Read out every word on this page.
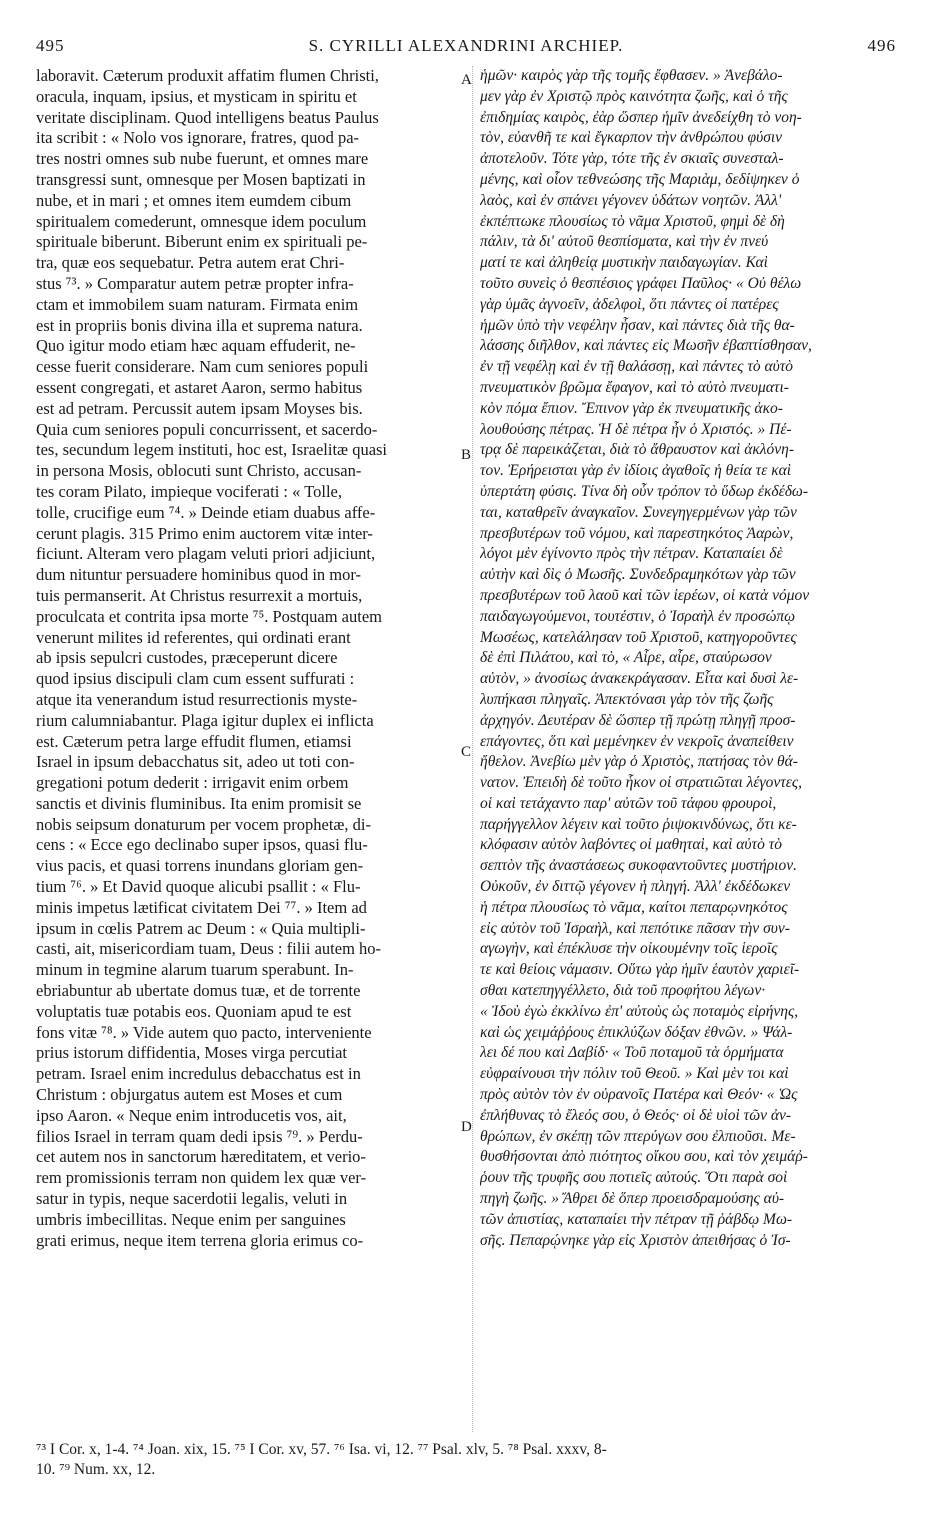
495	S. CYRILLI ALEXANDRINI ARCHIEP.	496
laboravit. Cæterum produxit affatim flumen Christi,
oracula, inquam, ipsius, et mysticam in spiritu et
veritate disciplinam. Quod intelligens beatus Paulus
ita scribit : « Nolo vos ignorare, fratres, quod pa-
tres nostri omnes sub nube fuerunt, et omnes mare
transgressi sunt, omnesque per Mosen baptizati in
nube, et in mari ; et omnes item eumdem cibum
spiritualem comederunt, omnesque idem poculum
spirituale biberunt. Biberunt enim ex spirituali pe-
tra, quæ eos sequebatur. Petra autem erat Chri-
stus ⁷³. » Comparatur autem petræ propter infra-
ctam et immobilem suam naturam. Firmata enim
est in propriis bonis divina illa et suprema natura.
Quo igitur modo etiam hæc aquam effuderit, ne-
cesse fuerit considerare. Nam cum seniores populi
essent congregati, et astaret Aaron, sermo habitus
est ad petram. Percussit autem ipsam Moyses bis.
Quia cum seniores populi concurrissent, et sacerdo-
tes, secundum legem instituti, hoc est, Israelitæ quasi
in persona Mosis, oblocuti sunt Christo, accusan-
tes coram Pilato, impieque vociferati : « Tolle,
tolle, crucifige eum ⁷⁴. » Deinde etiam duabus affe-
cerunt plagis. 315 Primo enim auctorem vitæ inter-
ficiunt. Alteram vero plagam veluti priori adjiciunt,
dum nituntur persuadere hominibus quod in mor-
tuis permanserit. At Christus resurrexit a mortuis,
proculcata et contrita ipsa morte ⁷⁵. Postquam autem
venerunt milites id referentes, qui ordinati erant
ab ipsis sepulcri custodes, præceperunt dicere
quod ipsius discipuli clam cum essent suffurati :
atque ita venerandum istud resurrectionis myste-
rium calumniabantur. Plaga igitur duplex ei inflicta
est. Cæterum petra large effudit flumen, etiamsi
Israel in ipsum debacchatus sit, adeo ut toti con-
gregationi potum dederit : irrigavit enim orbem
sanctis et divinis fluminibus. Ita enim promisit se
nobis seipsum donaturum per vocem prophetæ, di-
cens : « Ecce ego declinabo super ipsos, quasi flu-
vius pacis, et quasi torrens inundans gloriam gen-
tium ⁷⁶. » Et David quoque alicubi psallit : « Flu-
minis impetus lætificat civitatem Dei ⁷⁷. » Item ad
ipsum in cœlis Patrem ac Deum : « Quia multipli-
casti, ait, misericordiam tuam, Deus : filii autem ho-
minum in tegmine alarum tuarum sperabunt. In-
ebriabuntur ab ubertate domus tuæ, et de torrente
voluptatis tuæ potabis eos. Quoniam apud te est
fons vitæ ⁷⁸. » Vide autem quo pacto, interveniente
prius istorum diffidentia, Moses virga percutiat
petram. Israel enim incredulus debacchatus est in
Christum : objurgatus autem est Moses et cum
ipso Aaron. « Neque enim introducetis vos, ait,
filios Israel in terram quam dedi ipsis ⁷⁹. » Perdu-
cet autem nos in sanctorum hæreditatem, et verio-
rem promissionis terram non quidem lex quæ ver-
satur in typis, neque sacerdotii legalis, veluti in
umbris imbecillitas. Neque enim per sanguines
grati erimus, neque item terrena gloria erimus co-
ἡμῶν· καιρὸς γὰρ τῆς τομῆς ἔφθασεν. » Ἀνεβάλο-
μεν γὰρ ἐν Χριστῷ πρὸς καινότητα ζωῆς, καὶ ὁ τῆς
ἐπιδημίας καιρὸς, ἐὰρ ὥσπερ ἡμῖν ἀνεδείχθη τὸ νοη-
τὸν, εὐανθῆ τε καὶ ἔγκαρπον τὴν ἀνθρώπου φύσιν
ἀποτελοῦν. Τότε γὰρ, τότε τῆς ἐν σκιαῖς συνεσταλ-
μένης, καὶ οἷον τεθνεώσης τῆς Μαριὰμ, δεδίψηκεν ὁ
λαὸς, καὶ ἐν σπάνει γέγονεν ὑδάτων νοητῶν. Ἀλλ'
ἐκπέπτωκε πλουσίως τὸ νᾶμα Χριστοῦ, φημὶ δὲ δὴ
πάλιν, τὰ δι' αὐτοῦ θεσπίσματα, καὶ τὴν ἐν πνεύ
ματί τε καὶ ἀληθείᾳ μυστικὴν παιδαγωγίαν. Καὶ
τοῦτο συνεὶς ὁ θεσπέσιος γράφει Παῦλος· « Οὐ θέλω
γὰρ ὑμᾶς ἀγνοεῖν, ἀδελφοὶ, ὅτι πάντες οἱ πατέρες
ἡμῶν ὑπὸ τὴν νεφέλην ἦσαν, καὶ πάντες διὰ τῆς θα-
λάσσης διῆλθον, καὶ πάντες εἰς Μωσῆν ἐβαπτίσθησαν,
ἐν τῇ νεφέλῃ καὶ ἐν τῇ θαλάσσῃ, καὶ πάντες τὸ αὐτὸ
πνευματικὸν βρῶμα ἔφαγον, καὶ τὸ αὐτὸ πνευματι-
κὸν πόμα ἔπιον. Ἔπινον γὰρ ἐκ πνευματικῆς ἀκο-
λουθούσης πέτρας. Ἡ δὲ πέτρα ἦν ὁ Χριστός. » Πέ-
τρᾳ δὲ παρεικάζεται, διὰ τὸ ἄθραυστον καὶ ἀκλόνη-
τον. Ἐρήρεισται γὰρ ἐν ἰδίοις ἀγαθοῖς ἡ θεία τε καὶ
ὑπερτάτη φύσις. Τίνα δὴ οὖν τρόπον τὸ ὕδωρ ἐκδέδω-
ται, καταθρεῖν ἀναγκαῖον. Συνεγηγερμένων γὰρ τῶν
πρεσβυτέρων τοῦ νόμου, καὶ παρεστηκότος Ἀαρὼν,
λόγοι μὲν ἐγίνοντο πρὸς τὴν πέτραν. Καταπαίει δὲ
αὐτὴν καὶ δὶς ὁ Μωσῆς. Συνδεδραμηκότων γὰρ τῶν
πρεσβυτέρων τοῦ λαοῦ καὶ τῶν ἱερέων, οἱ κατὰ νόμον
παιδαγωγούμενοι, τουτέστιν, ὁ Ἰσραὴλ ἐν προσώπῳ
Μωσέως, κατελάλησαν τοῦ Χριστοῦ, κατηγοροῦντες
δὲ ἐπὶ Πιλάτου, καὶ τὸ, « Αἶρε, αἶρε, σταύρωσον
αὐτὸν, » ἀνοσίως ἀνακεκράγασαν. Εἶτα καὶ δυσὶ λε-
λυπήκασι πληγαῖς. Ἀπεκτόνασι γὰρ τὸν τῆς ζωῆς
ἀρχηγόν. Δευτέραν δὲ ὥσπερ τῇ πρώτῃ πληγῇ προσ-
επάγοντες, ὅτι καὶ μεμένηκεν ἐν νεκροῖς ἀναπείθειν
ἤθελον. Ἀνεβίω μὲν γὰρ ὁ Χριστὸς, πατήσας τὸν θά-
νατον. Ἐπειδὴ δὲ τοῦτο ἧκον οἱ στρατιῶται λέγοντες,
οἱ καὶ τετάχαντο παρ' αὐτῶν τοῦ τάφου φρουροὶ,
παρήγγελλον λέγειν καὶ τοῦτο ῥιψοκινδύνως, ὅτι κε-
κλόφασιν αὐτὸν λαβόντες οἱ μαθηταὶ, καὶ αὐτὸ τὸ
σεπτὸν τῆς ἀναστάσεως συκοφαντοῦντες μυστήριον.
Οὐκοῦν, ἐν διττῷ γέγονεν ἡ πληγή. Ἀλλ' ἐκδέδωκεν
ἡ πέτρα πλουσίως τὸ νᾶμα, καίτοι πεπαρῳνηκότος
εἰς αὐτὸν τοῦ Ἰσραὴλ, καὶ πεπότικε πᾶσαν τὴν συν-
αγωγὴν, καὶ ἐπέκλυσε τὴν οἰκουμένην τοῖς ἱεροῖς
τε καὶ θείοις νάμασιν. Οὕτω γὰρ ἡμῖν ἑαυτὸν χαριεῖ-
σθαι κατεπηγγέλλετο, διὰ τοῦ προφήτου λέγων·
« Ἰδοὺ ἐγὼ ἐκκλίνω ἐπ' αὐτοὺς ὡς ποταμὸς εἰρήνης,
καὶ ὡς χειμάῤῥους ἐπικλύζων δόξαν ἐθνῶν. » Ψάλ-
λει δέ που καὶ Δαβίδ· « Τοῦ ποταμοῦ τὰ ὁρμήματα
εὐφραίνουσι τὴν πόλιν τοῦ Θεοῦ. » Καὶ μὲν τοι καὶ
πρὸς αὐτὸν τὸν ἐν οὐρανοῖς Πατέρα καὶ Θεόν· « Ὡς
ἐπλήθυνας τὸ ἔλεός σου, ὁ Θεός· οἱ δὲ υἱοὶ τῶν ἀν-
θρώπων, ἐν σκέπῃ τῶν πτερύγων σου ἐλπιοῦσι. Με-
θυσθήσονται ἀπὸ πιότητος οἴκου σου, καὶ τὸν χειμάῤ-
ῥουν τῆς τρυφῆς σου ποτιεῖς αὐτούς. Ὅτι παρὰ σοὶ
πηγὴ ζωῆς. » Ἄθρει δὲ ὅπερ προεισδραμούσης αὐ-
τῶν ἀπιστίας, καταπαίει τὴν πέτραν τῇ ῥάβδῳ Μω-
σῆς. Πεπαρῴνηκε γὰρ εἰς Χριστὸν ἀπειθήσας ὁ Ἰσ-
A
B
C
D
⁷³ I Cor. x, 1-4. ⁷⁴ Joan. xix, 15. ⁷⁵ I Cor. xv, 57. ⁷⁶ Isa. vi, 12. ⁷⁷ Psal. xlv, 5. ⁷⁸ Psal. xxxv, 8-
10. ⁷⁹ Num. xx, 12.
